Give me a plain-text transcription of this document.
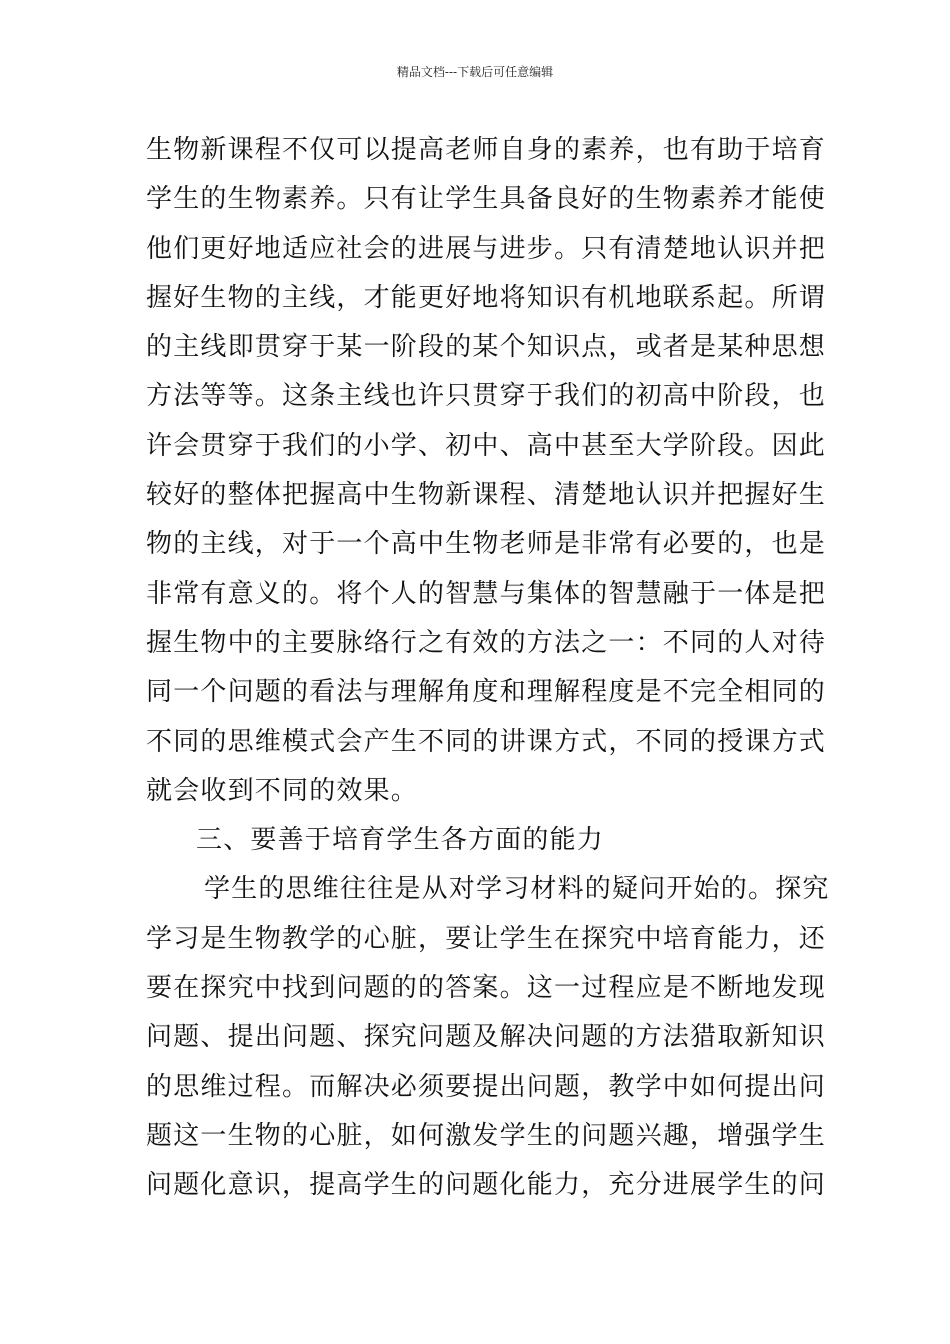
精品文档---下载后可任意编辑
生物新课程不仅可以提高老师自身的素养，也有助于培育
学生的生物素养。只有让学生具备良好的生物素养才能使
他们更好地适应社会的进展与进步。只有清楚地认识并把
握好生物的主线，才能更好地将知识有机地联系起。所谓
的主线即贯穿于某一阶段的某个知识点，或者是某种思想
方法等等。这条主线也许只贯穿于我们的初高中阶段，也
许会贯穿于我们的小学、初中、高中甚至大学阶段。因此
较好的整体把握高中生物新课程、清楚地认识并把握好生
物的主线，对于一个高中生物老师是非常有必要的，也是
非常有意义的。将个人的智慧与集体的智慧融于一体是把
握生物中的主要脉络行之有效的方法之一：不同的人对待
同一个问题的看法与理解角度和理解程度是不完全相同的
不同的思维模式会产生不同的讲课方式，不同的授课方式
就会收到不同的效果。
三、要善于培育学生各方面的能力
学生的思维往往是从对学习材料的疑问开始的。探究
学习是生物教学的心脏，要让学生在探究中培育能力，还
要在探究中找到问题的的答案。这一过程应是不断地发现
问题、提出问题、探究问题及解决问题的方法猎取新知识
的思维过程。而解决必须要提出问题，教学中如何提出问
题这一生物的心脏，如何激发学生的问题兴趣，增强学生
问题化意识，提高学生的问题化能力，充分进展学生的问
